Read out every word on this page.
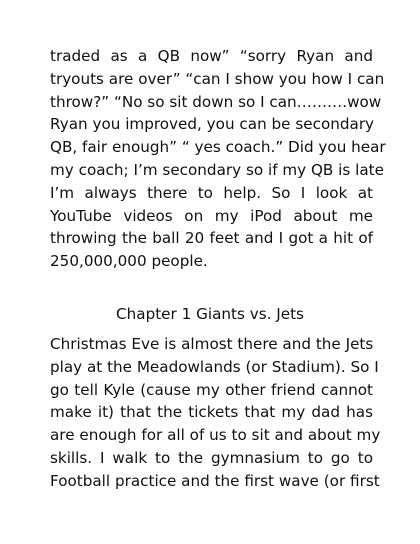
traded as a QB now” “sorry Ryan and
tryouts are over” “can I show you how I can
throw?” “No so sit down so I can……….wow
Ryan you improved, you can be secondary
QB, fair enough” “ yes coach.” Did you hear
my coach; I’m secondary so if my QB is late
I’m always there to help. So I look at
YouTube videos on my iPod about me
throwing the ball 20 feet and I got a hit of
250,000,000 people.
Chapter 1 Giants vs. Jets
Christmas Eve is almost there and the Jets
play at the Meadowlands (or Stadium). So I
go tell Kyle (cause my other friend cannot
make it) that the tickets that my dad has
are enough for all of us to sit and about my
skills. I walk to the gymnasium to go to
Football practice and the first wave (or first
